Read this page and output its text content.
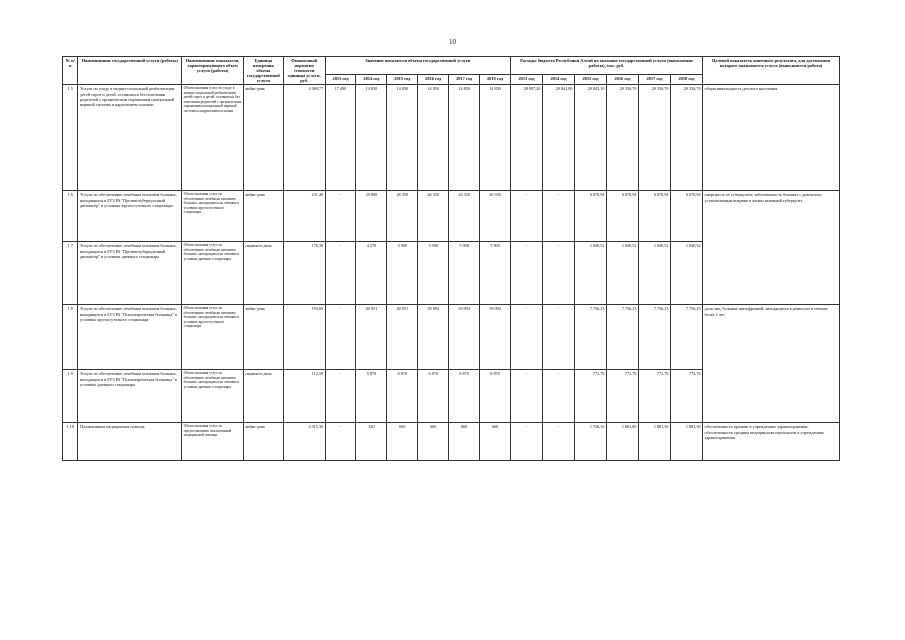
10
№ п/п	Наименование государственной услуги (работы)	Наименование показателя, характеризующего объем услуги (работы)	Единица измерения объема государственной услуги	Финансовый норматив стоимости единицы услуги, руб.	Значение показателя объема государственной услуги						Расходы бюджета Республики Алтай на оказание государственной услуги (выполнение работы), тыс. руб.						Целевой показатель конечного результата, для достижения которого оказывается услуга (выполняется работа)
					2013 год	2014 год	2015 год	2016 год	2017 год	2018 год	2013 год	2014 год	2015 год	2016 год	2017 год	2018 год	
1.5	Услуги по уходу в медико-социальной реабилитации детей-сирот и детей, оставшихся без попечения родителей с органическим поражением центральной нервной системы и нарушением психики	Объем оказания услуг по уходу в медико-социальной реабилитации детей-сирот и детей, оставшихся без попечения родителей с органическим поражением центральной нервной системы и нарушением психики	койко-день	2 069,77	17 490	14 850	14 850	14 850	14 850	14 850	28 097,20	29 841,00	29 843,10	29 336,70	29 336,70	29 336,70	общая инвалидность детского населения
1.6	Услуги по обеспечению лечебным питанием больных, находящихся в БУЗ РА "Противотуберкулезный диспансер" в условиях круглосуточного стационара	Объем оказания услуг по обеспечению лечебным питанием больных, находящихся на лечении в условиях круглосуточного стационара	койко-день	231,40	-	29 880	26 350	26 350	26 350	26 350	-	-	6 670,94	6 670,94	6 670,94	6 670,94	смертность от туберкулеза; заболеваемость больных с диагнозом, установленным впервые в жизни активный туберкулез
1.7	Услуги по обеспечению лечебным питанием больных, находящихся в БУЗ РА "Противотуберкулезный диспансер" в условиях дневного стационара	Объем оказания услуг по обеспечению лечебным питанием больных, находящихся на лечении в условиях дневного стационара	пациенто-день	176,36	-	4 270	5 900	5 900	5 900	5 900	-	-	1 040,52	1 040,52	1 040,52	1 040,52	
1.8	Услуги по обеспечению лечебным питанием больных, находящихся в БУЗ РА "Психиатрическая больница" в условиях круглосуточного стационара	Объем оказания услуг по обеспечению лечебным питанием больных, находящихся на лечении в условиях круглосуточного стационара	койко-день	193,66	-	40 051	40 051	39 094	39 094	39 094	-	-	7 756,23	7 756,23	7 756,23	7 756,23	доля лиц, больных шизофренией, находящихся в ремиссии в течение более 2 лет
1.9	Услуги по обеспечению лечебным питанием больных, находящихся в БУЗ РА "Психиатрическая больница" в условиях дневного стационара	Объем оказания услуг по обеспечению лечебным питанием больных, находящихся на лечении в условиях дневного стационара	пациенто-день	112,50	-	5 870	6 870	6 870	6 870	6 870	-	-	772,76	772,76	772,76	772,76	
1.10	Паллиативная медицинская помощь	Объем оказания услуг по предоставлению паллиативной медицинской помощи	койко-день	2 015,30	-	320	600	660	660	660	-	-	1 726,10	1 863,80	1 881,30	1 881,30	обеспеченность врачами в учреждениях здравоохранения; обеспеченность средним медицинским персоналом в учреждениях здравоохранения
